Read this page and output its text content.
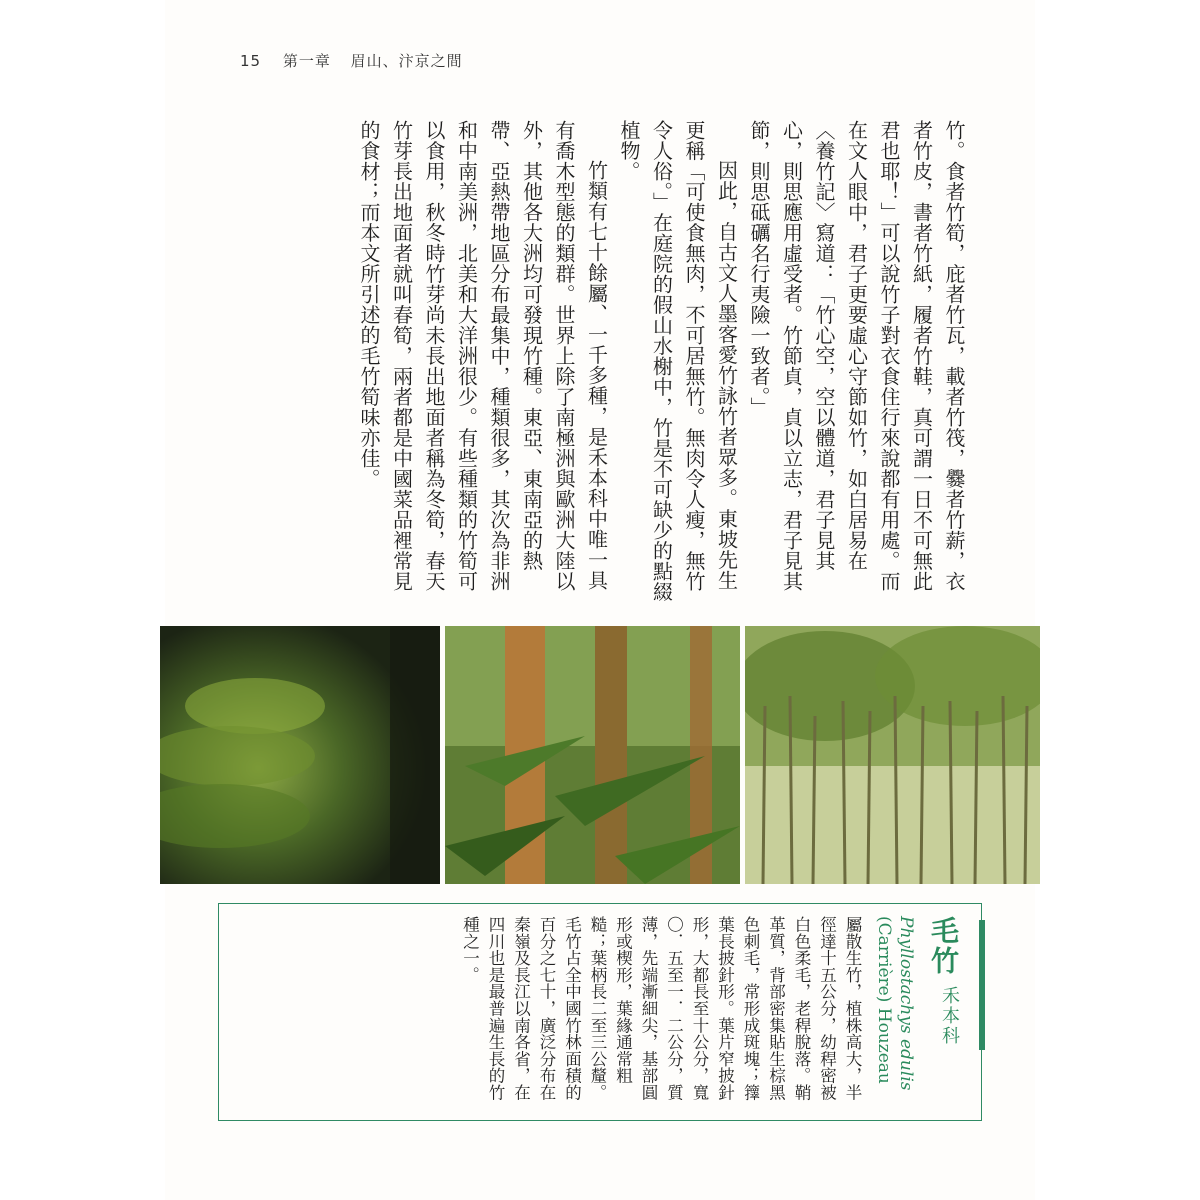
15 第一章 眉山、汴京之間

竹。食者竹筍，庇者竹瓦，載者竹筏，爨者竹薪，衣者竹皮，書者竹紙，履者竹鞋，真可謂一日不可無此君也耶！」可以說竹子對衣食住行來說都有用處。而在文人眼中，君子更要虛心守節如竹，如白居易在〈養竹記〉寫道：「竹心空，空以體道，君子見其心，則思應用虛受者。竹節貞，貞以立志，君子見其節，則思砥礪名行夷險一致者。」

因此，自古文人墨客愛竹詠竹者眾多。東坡先生更稱「可使食無肉，不可居無竹。無肉令人瘦，無竹令人俗。」在庭院的假山水榭中，竹是不可缺少的點綴植物。

竹類有七十餘屬、一千多種，是禾本科中唯一具有喬木型態的類群。世界上除了南極洲與歐洲大陸以外，其他各大洲均可發現竹種。東亞、東南亞的熱帶、亞熱帶地區分布最集中，種類很多，其次為非洲和中南美洲，北美和大洋洲很少。有些種類的竹筍可以食用，秋冬時竹芽尚未長出地面者稱為冬筍，春天竹芽長出地面者就叫春筍，兩者都是中國菜品裡常見的食材；而本文所引述的毛竹筍味亦佳。

毛竹
禾本科
Phyllostachys edulis
(Carrière) Houzeau
屬散生竹，植株高大，半徑達十五公分，幼稈密被白色柔毛，老稈脫落。鞘革質，背部密集貼生棕黑色刺毛，常形成斑塊；籜葉長披針形。葉片窄披針形，大都長至十公分，寬〇．五至一．二公分，質薄，先端漸細尖，基部圓形或楔形，葉緣通常粗糙；葉柄長二至三公釐。毛竹占全中國竹林面積的百分之七十，廣泛分布在秦嶺及長江以南各省，在四川也是最普遍生長的竹種之一。
